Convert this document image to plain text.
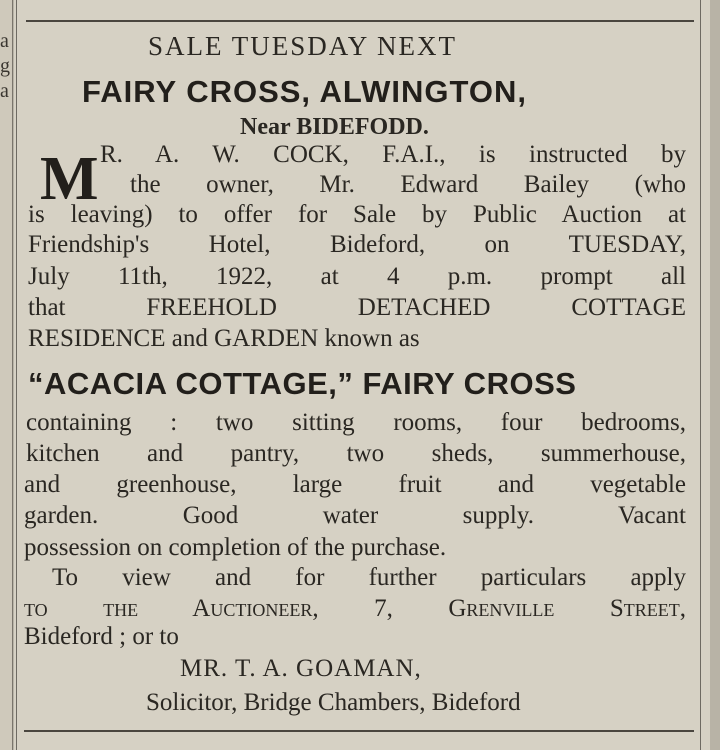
a
g
a
SALE TUESDAY NEXT
FAIRY CROSS, ALWINGTON,
Near BIDEFODD.
M R. A. W. COCK, F.A.I., is instructed by
the owner, Mr. Edward Bailey (who
is leaving) to offer for Sale by Public Auction at
Friendship's Hotel, Bideford, on TUESDAY,
July 11th, 1922, at 4 p.m. prompt all
that FREEHOLD DETACHED COTTAGE
RESIDENCE and GARDEN known as
“ACACIA COTTAGE,” FAIRY CROSS
containing : two sitting rooms, four bedrooms,
kitchen and pantry, two sheds, summerhouse,
and greenhouse, large fruit and vegetable
garden. Good water supply. Vacant
possession on completion of the purchase.
To view and for further particulars apply
to the Auctioneer, 7, Grenville Street,
Bideford ; or to
MR. T. A. GOAMAN,
Solicitor, Bridge Chambers, Bideford
